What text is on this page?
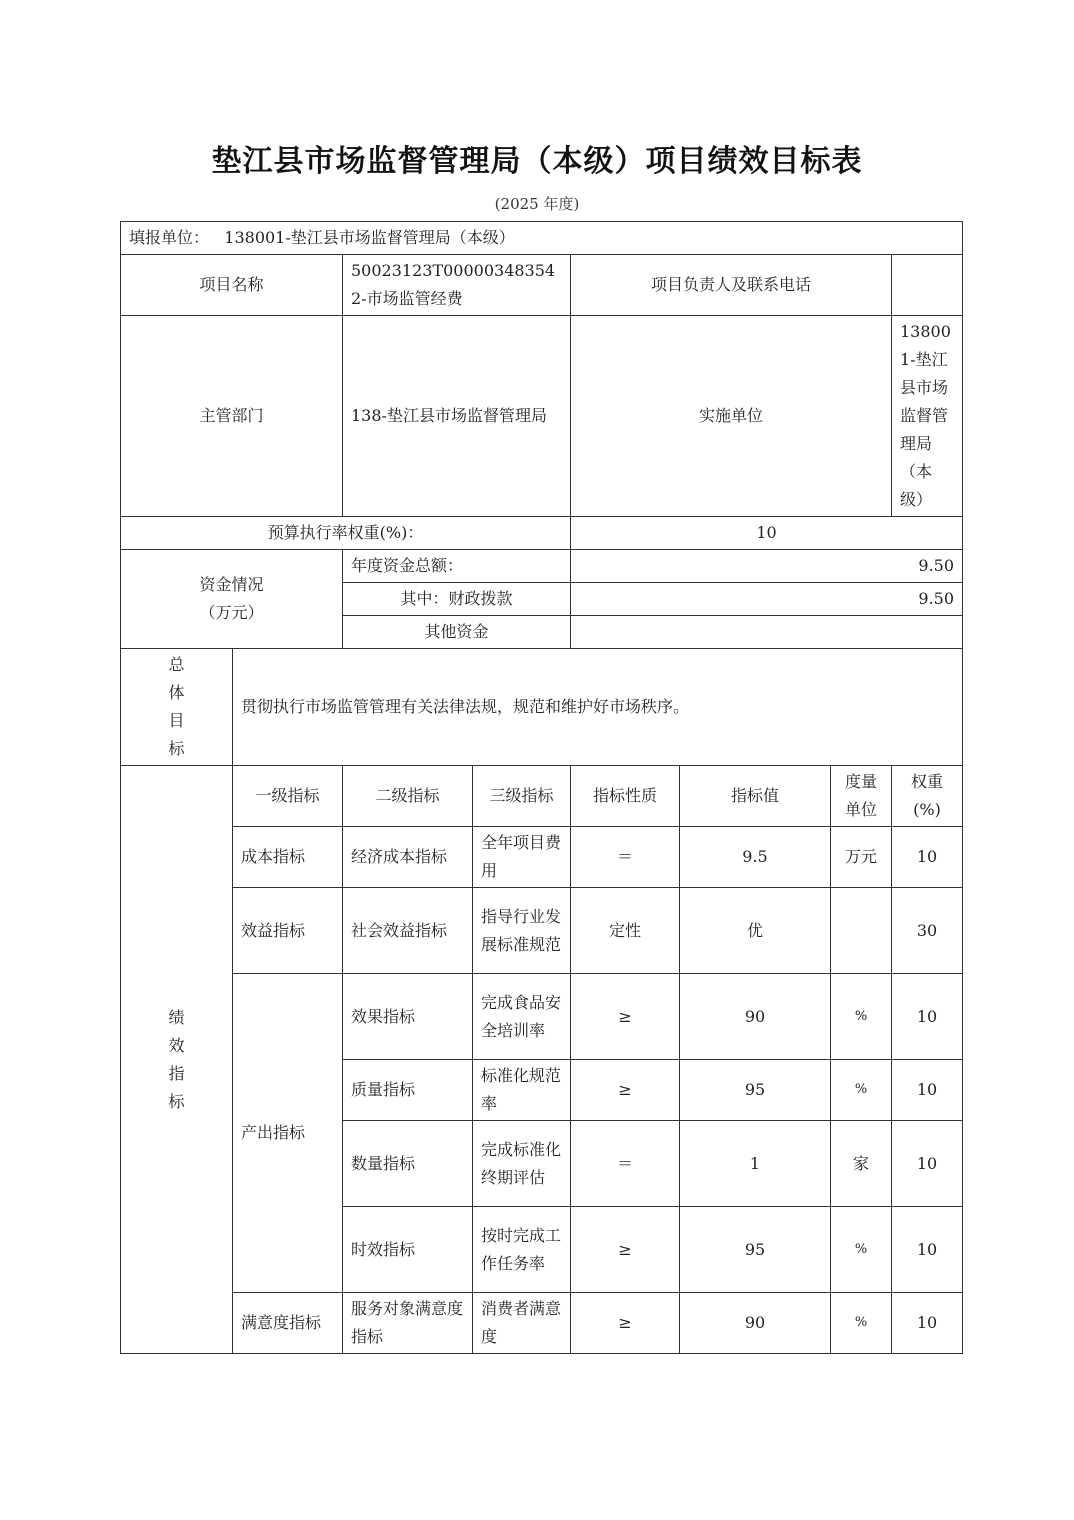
垫江县市场监督管理局（本级）项目绩效目标表
(2025 年度)
填报单位： 138001-垫江县市场监督管理局（本级）							
项目名称		50023123T000003483542-市场监管经费		项目负责人及联系电话			
主管部门		138-垫江县市场监督管理局		实施单位			138001-垫江县市场监督管理局（本级）
预算执行率权重(%)：				10			

资金情况
（万元）		年度资金总额：		9.50			
		其中：财政拨款		9.50			
		其他资金					

总
体
目
标	贯彻执行市场监管管理有关法律法规，规范和维护好市场秩序。						

绩
效
指
标	一级指标	二级指标	三级指标	指标性质	指标值	度量单位	权重(%)
	成本指标	经济成本指标	全年项目费用	＝	9.5	万元	10
	效益指标	社会效益指标	指导行业发展标准规范	定性	优		30
	产出指标	效果指标	完成食品安全培训率	≥	90	%	10
		质量指标	标准化规范率	≥	95	%	10
		数量指标	完成标准化终期评估	＝	1	家	10
		时效指标	按时完成工作任务率	≥	95	%	10
	满意度指标	服务对象满意度指标	消费者满意度	≥	90	%	10
